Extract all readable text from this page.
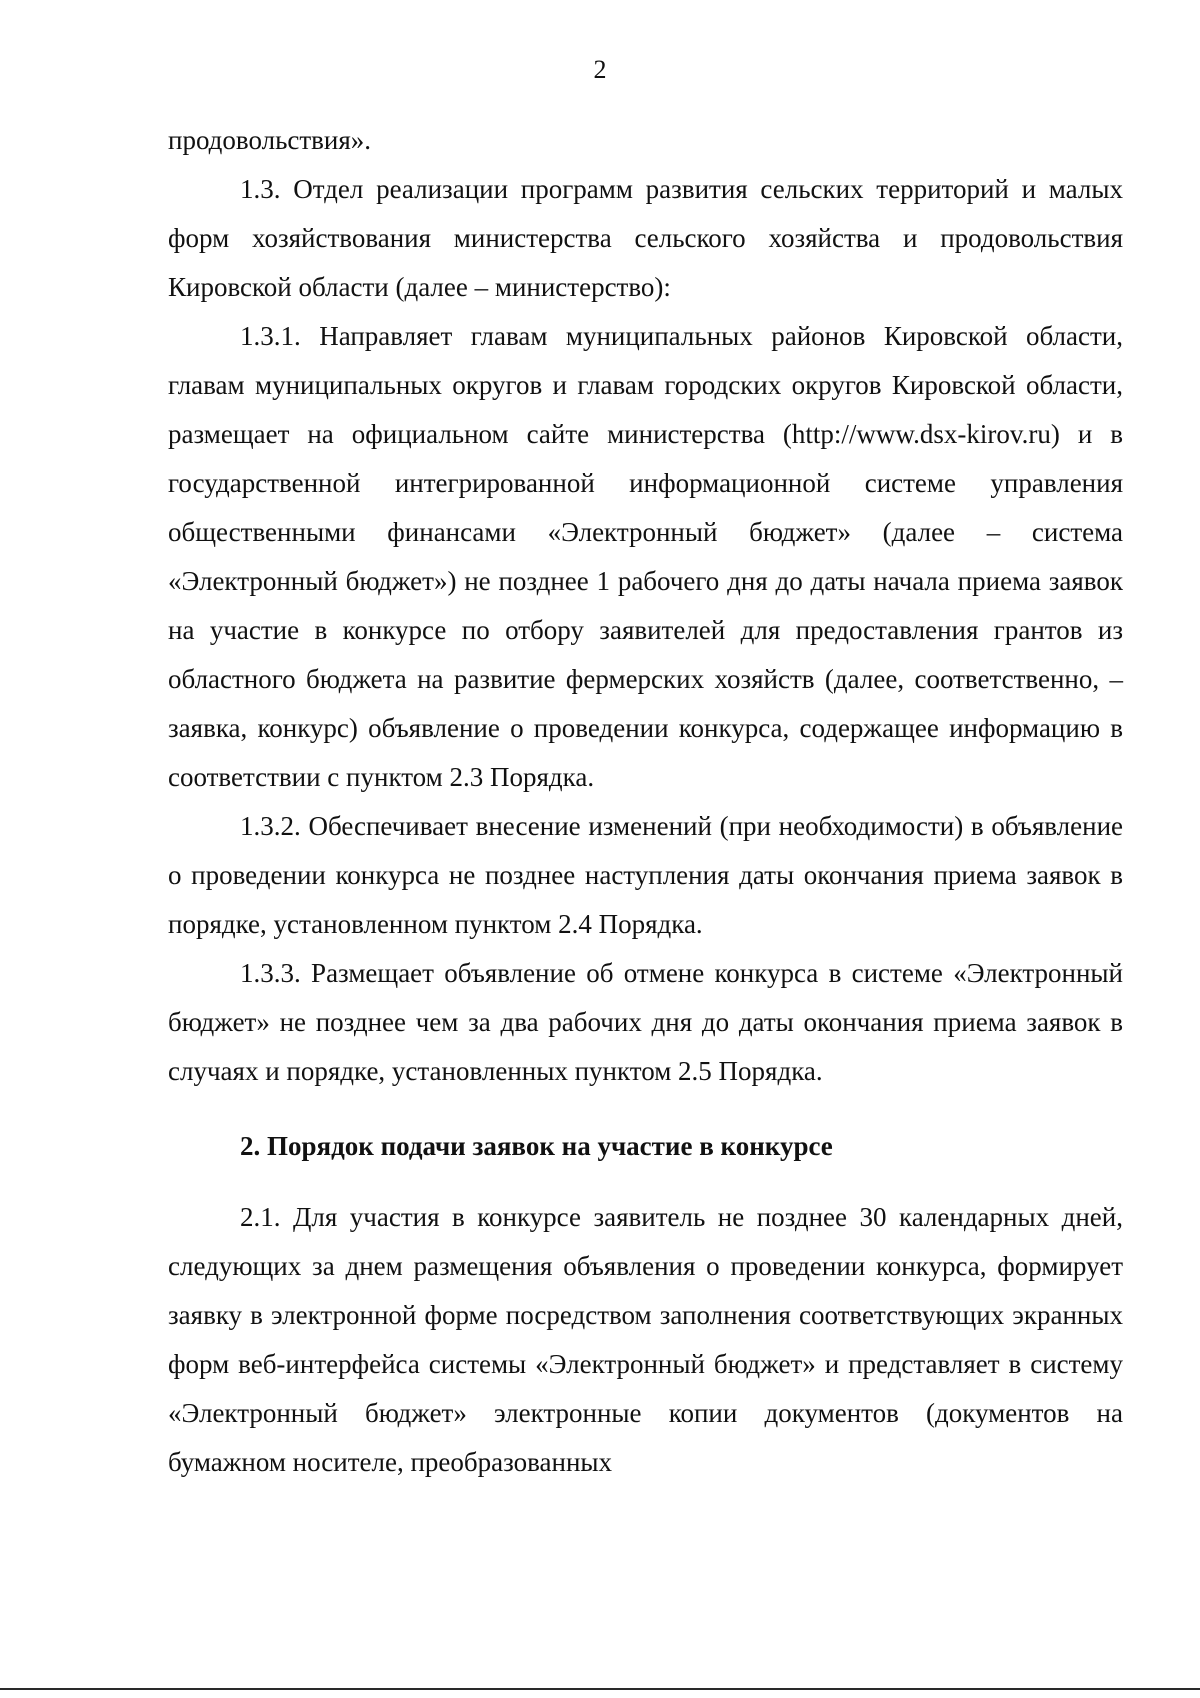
2

продовольствия».

1.3. Отдел реализации программ развития сельских территорий и малых форм хозяйствования министерства сельского хозяйства и продовольствия Кировской области (далее – министерство):

1.3.1. Направляет главам муниципальных районов Кировской области, главам муниципальных округов и главам городских округов Кировской области, размещает на официальном сайте министерства (http://www.dsx-kirov.ru) и в государственной интегрированной информационной системе управления общественными финансами «Электронный бюджет» (далее – система «Электронный бюджет») не позднее 1 рабочего дня до даты начала приема заявок на участие в конкурсе по отбору заявителей для предоставления грантов из областного бюджета на развитие фермерских хозяйств (далее, соответственно, – заявка, конкурс) объявление о проведении конкурса, содержащее информацию в соответствии с пунктом 2.3 Порядка.

1.3.2. Обеспечивает внесение изменений (при необходимости) в объявление о проведении конкурса не позднее наступления даты окончания приема заявок в порядке, установленном пунктом 2.4 Порядка.

1.3.3. Размещает объявление об отмене конкурса в системе «Электронный бюджет» не позднее чем за два рабочих дня до даты окончания приема заявок в случаях и порядке, установленных пунктом 2.5 Порядка.

2. Порядок подачи заявок на участие в конкурсе

2.1. Для участия в конкурсе заявитель не позднее 30 календарных дней, следующих за днем размещения объявления о проведении конкурса, формирует заявку в электронной форме посредством заполнения соответствующих экранных форм веб-интерфейса системы «Электронный бюджет» и представляет в систему «Электронный бюджет» электронные копии документов (документов на бумажном носителе, преобразованных
